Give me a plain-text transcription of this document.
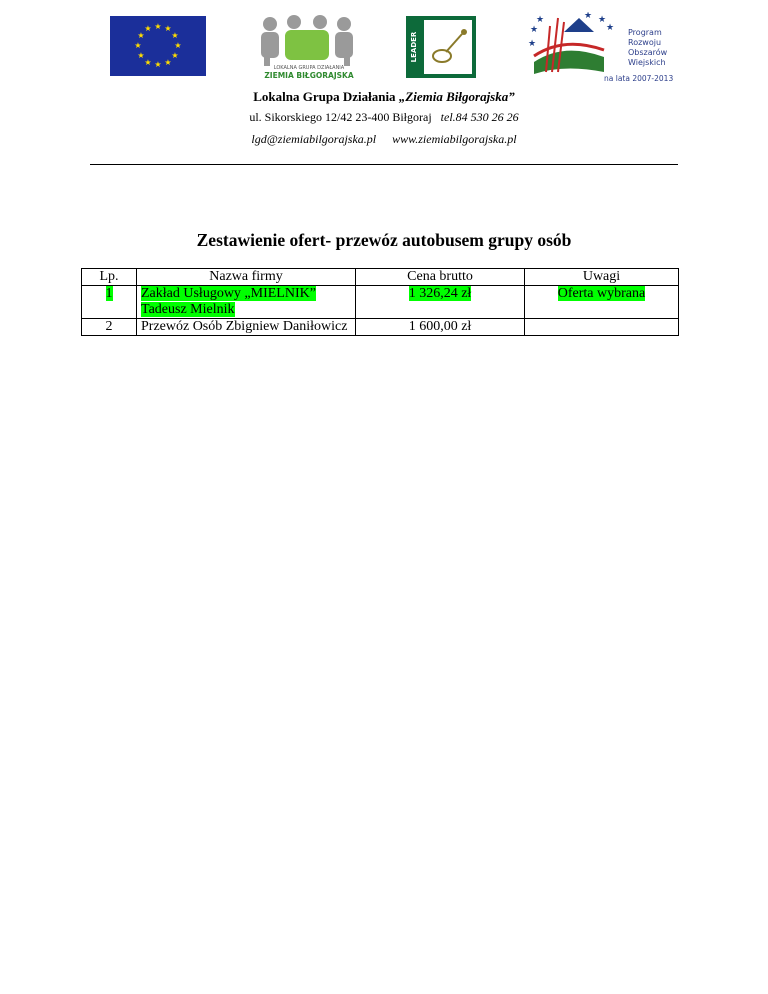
★ ★
★
★
★
★
★
★
★
★
★
★
LOKALNA GRUPA DZIAŁANIA
ZIEMIA BIŁGORAJSKA
LEADER
★
★
★	★ ★
★ Program
Rozwoju
Obszarów
Wiejskich
na lata 2007-2013
Lokalna Grupa Działania „Ziemia Biłgorajska”
ul. Sikorskiego 12/42 23-400 Biłgoraj tel.84 530 26 26
lgd@ziemiabilgorajska.pl www.ziemiabilgorajska.pl
Zestawienie ofert- przewóz autobusem grupy osób
Lp.	Nazwa firmy	Cena brutto	Uwagi
1	Zakład Usługowy „MIELNIK”
Tadeusz Mielnik	1 326,24 zł	Oferta wybrana
2	Przewóz Osób Zbigniew Daniłowicz	1 600,00 zł	
